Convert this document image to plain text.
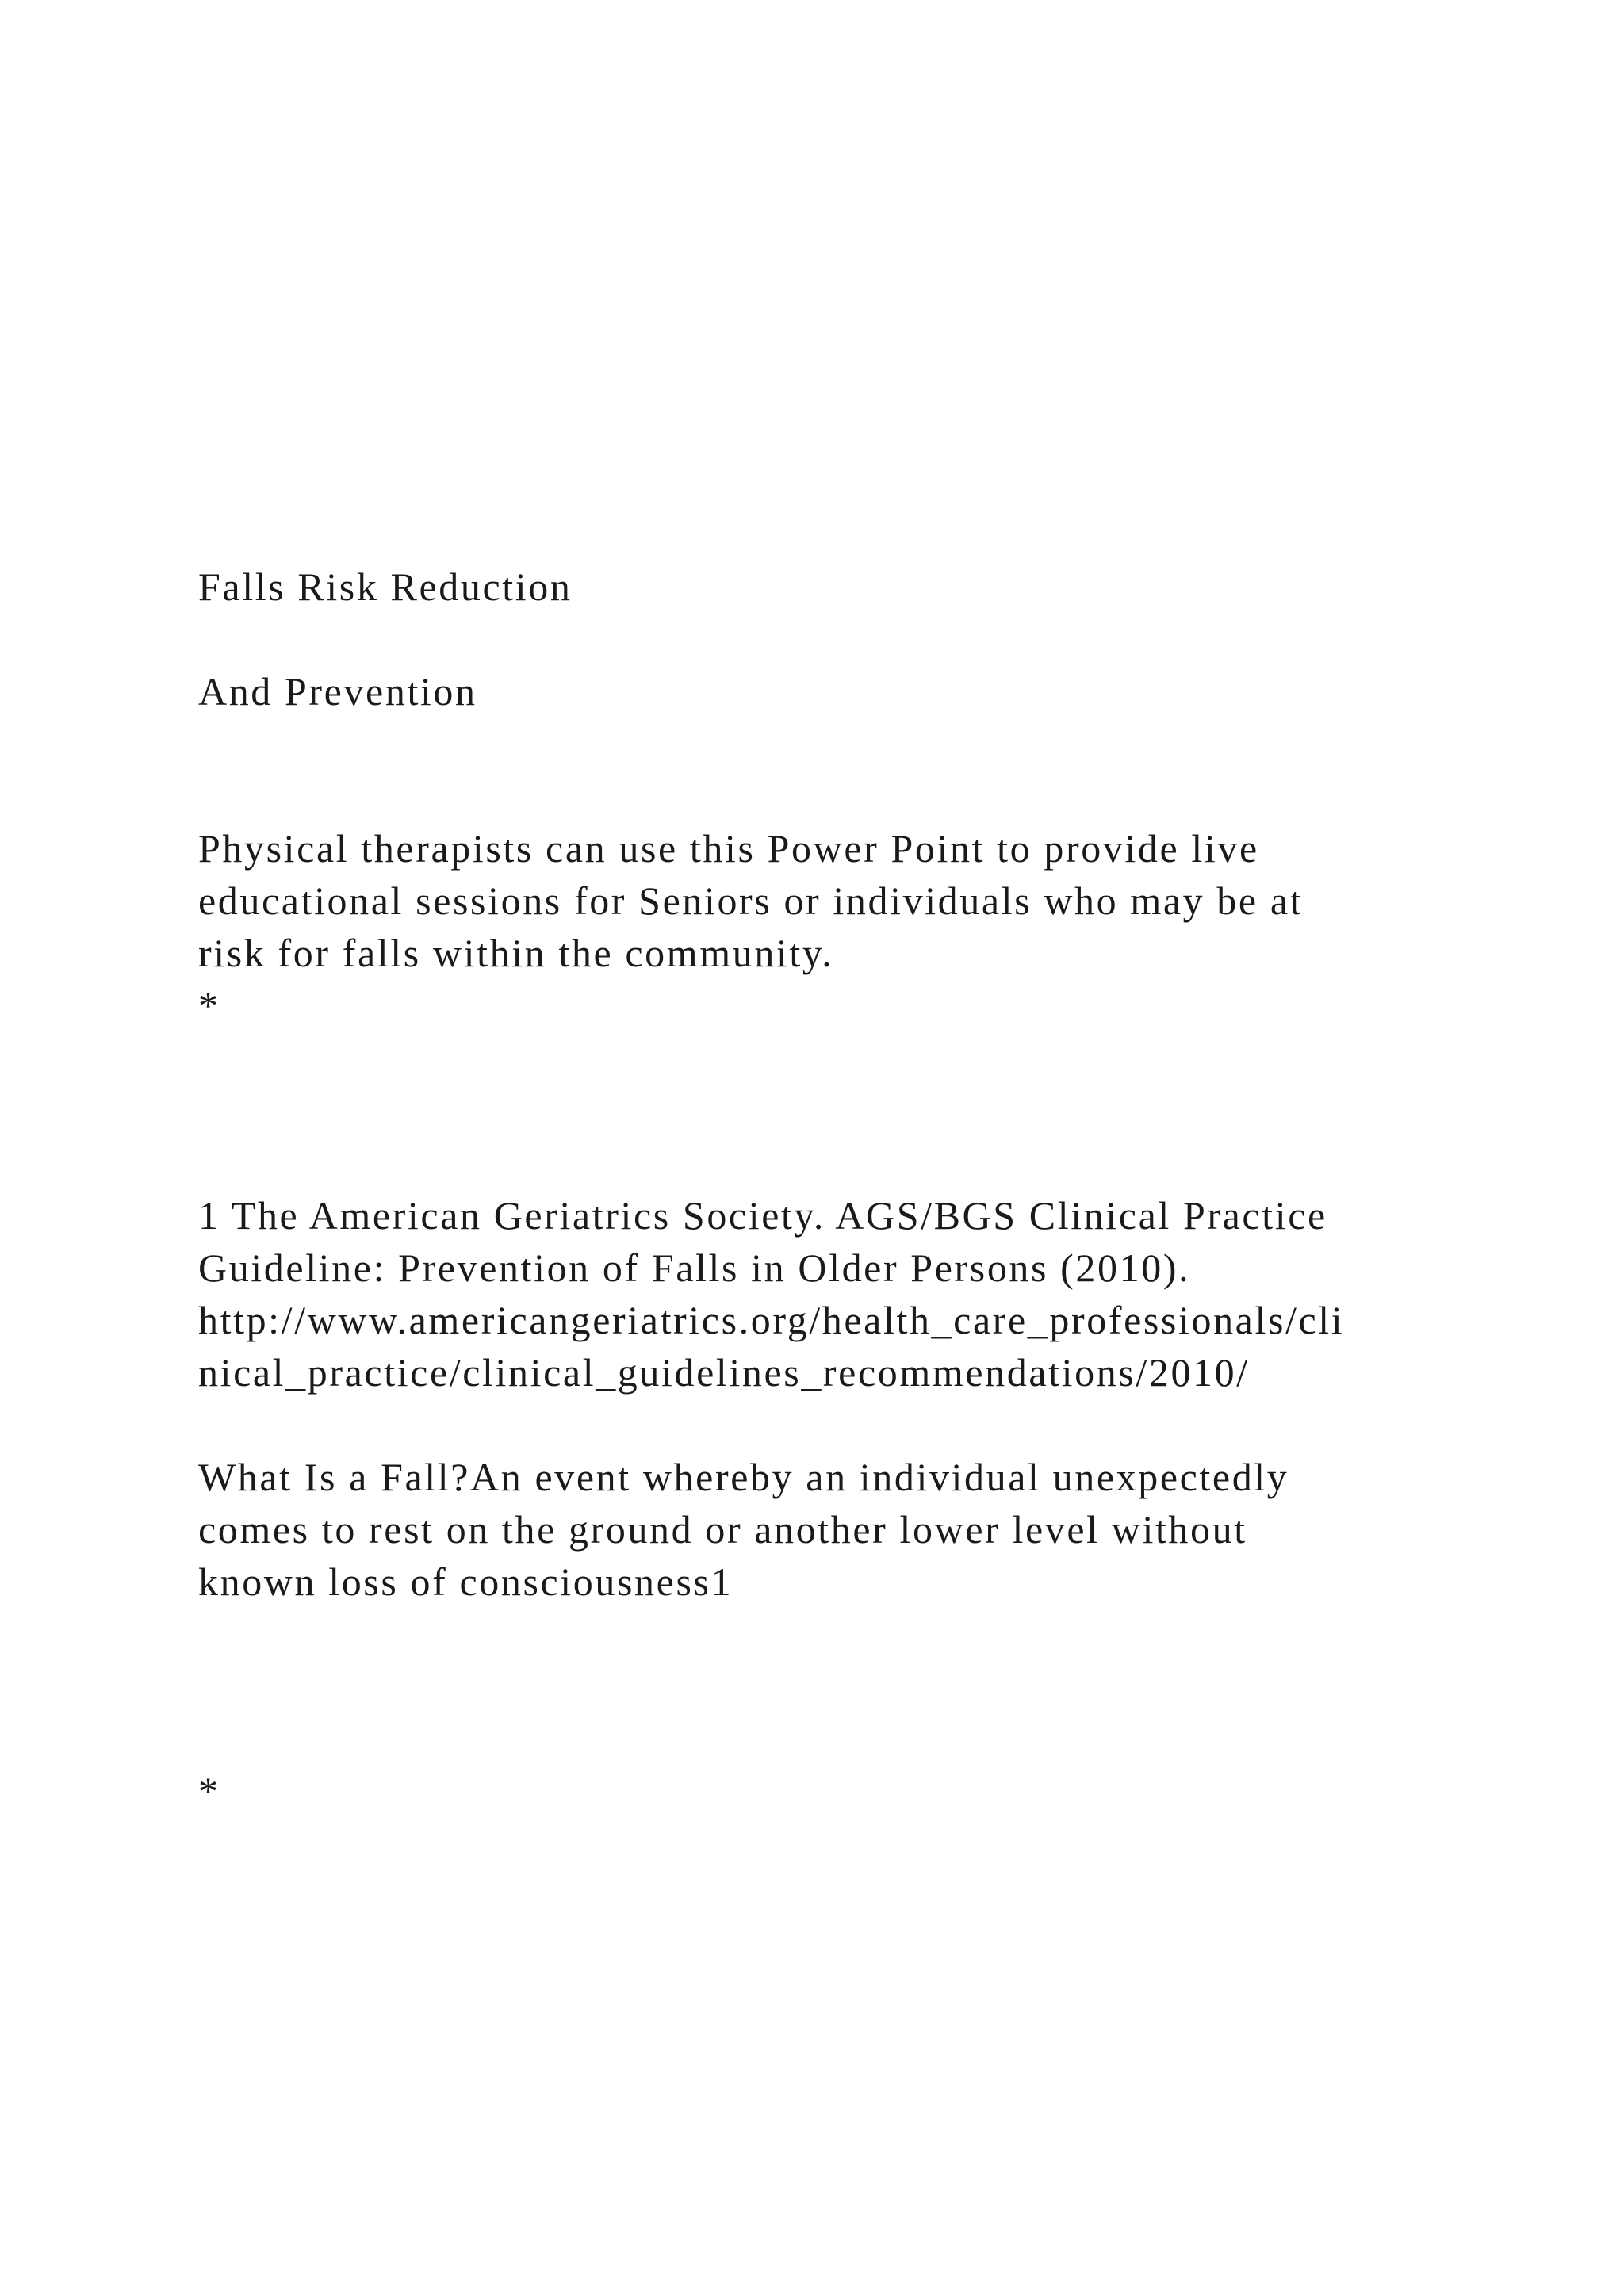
Falls Risk Reduction

And Prevention

Physical therapists can use this Power Point to provide live

educational sessions for Seniors or individuals who may be at

risk for falls within the community.

*

1 The American Geriatrics Society. AGS/BGS Clinical Practice

Guideline: Prevention of Falls in Older Persons (2010).

http://www.americangeriatrics.org/health_care_professionals/cli

nical_practice/clinical_guidelines_recommendations/2010/

What Is a Fall?An event whereby an individual unexpectedly

comes to rest on the ground or another lower level without

known loss of consciousness1

*
